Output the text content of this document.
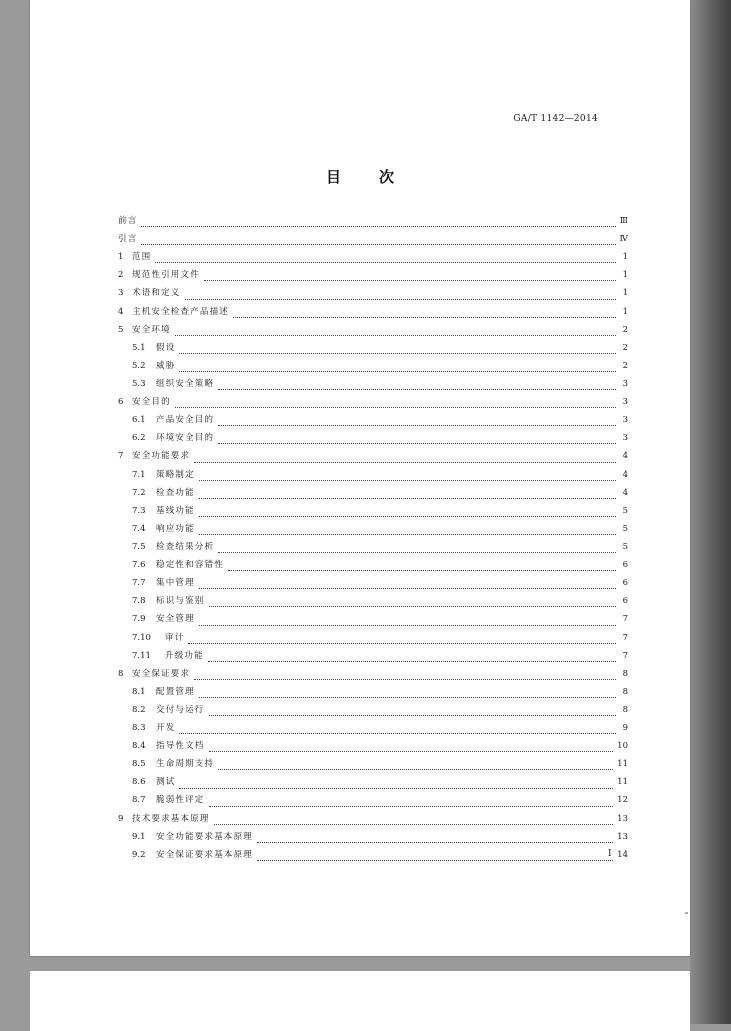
GA/T 1142—2014
目	次
前言	Ⅲ
引言	Ⅳ
1	范围	1
2	规范性引用文件	1
3	术语和定义	1
4	主机安全检查产品描述	1
5	安全环境	2
5.1	假设	2
5.2	威胁	2
5.3	组织安全策略	3
6	安全目的	3
6.1	产品安全目的	3
6.2	环境安全目的	3
7	安全功能要求	4
7.1	策略制定	4
7.2	检查功能	4
7.3	基线功能	5
7.4	响应功能	5
7.5	检查结果分析	5
7.6	稳定性和容错性	6
7.7	集中管理	6
7.8	标识与鉴别	6
7.9	安全管理	7
7.10	审计	7
7.11	升级功能	7
8	安全保证要求	8
8.1	配置管理	8
8.2	交付与运行	8
8.3	开发	9
8.4	指导性文档	10
8.5	生命周期支持	11
8.6	测试	11
8.7	脆弱性评定	12
9	技术要求基本原理	13
9.1	安全功能要求基本原理	13
9.2	安全保证要求基本原理	14
I
